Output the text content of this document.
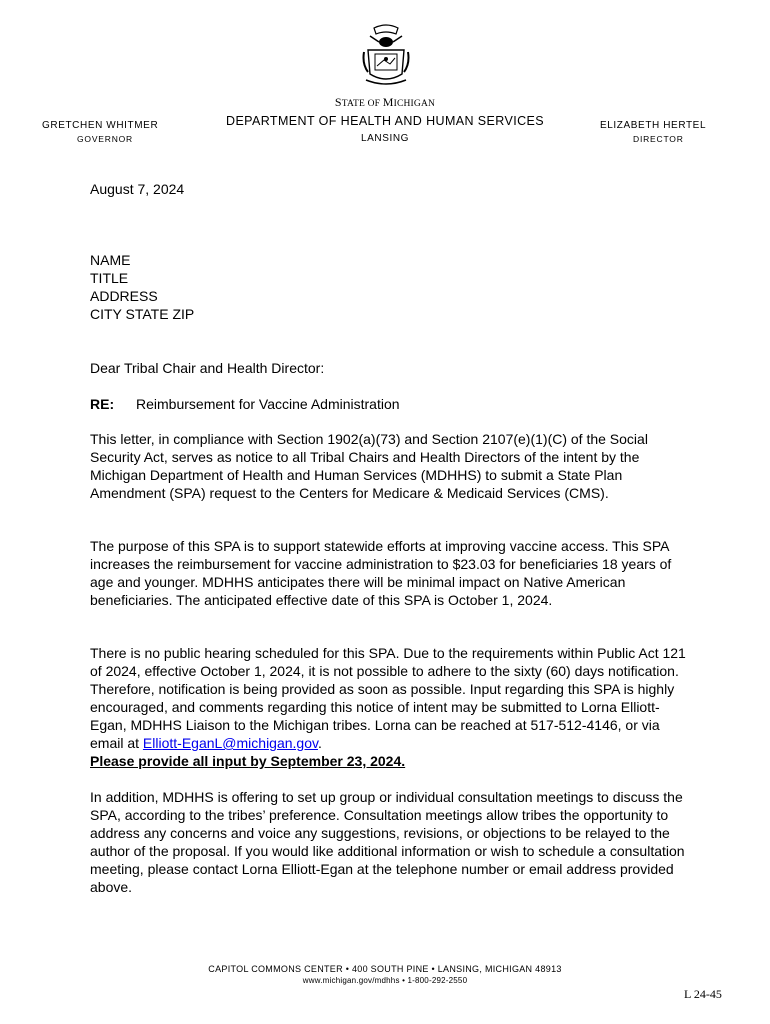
STATE OF MICHIGAN
DEPARTMENT OF HEALTH AND HUMAN SERVICES
LANSING
GRETCHEN WHITMER
GOVERNOR
ELIZABETH HERTEL
DIRECTOR
August 7, 2024
NAME
TITLE
ADDRESS
CITY STATE ZIP
Dear Tribal Chair and Health Director:
RE: Reimbursement for Vaccine Administration

This letter, in compliance with Section 1902(a)(73) and Section 2107(e)(1)(C) of the Social Security Act, serves as notice to all Tribal Chairs and Health Directors of the intent by the Michigan Department of Health and Human Services (MDHHS) to submit a State Plan Amendment (SPA) request to the Centers for Medicare & Medicaid Services (CMS).

The purpose of this SPA is to support statewide efforts at improving vaccine access. This SPA increases the reimbursement for vaccine administration to $23.03 for beneficiaries 18 years of age and younger. MDHHS anticipates there will be minimal impact on Native American beneficiaries. The anticipated effective date of this SPA is October 1, 2024.

There is no public hearing scheduled for this SPA. Due to the requirements within Public Act 121 of 2024, effective October 1, 2024, it is not possible to adhere to the sixty (60) days notification. Therefore, notification is being provided as soon as possible. Input regarding this SPA is highly encouraged, and comments regarding this notice of intent may be submitted to Lorna Elliott-Egan, MDHHS Liaison to the Michigan tribes. Lorna can be reached at 517-512-4146, or via email at Elliott-EganL@michigan.gov.

Please provide all input by September 23, 2024.

In addition, MDHHS is offering to set up group or individual consultation meetings to discuss the SPA, according to the tribes’ preference. Consultation meetings allow tribes the opportunity to address any concerns and voice any suggestions, revisions, or objections to be relayed to the author of the proposal. If you would like additional information or wish to schedule a consultation meeting, please contact Lorna Elliott-Egan at the telephone number or email address provided above.

CAPITOL COMMONS CENTER • 400 SOUTH PINE • LANSING, MICHIGAN 48913
www.michigan.gov/mdhhs • 1-800-292-2550
L 24-45
